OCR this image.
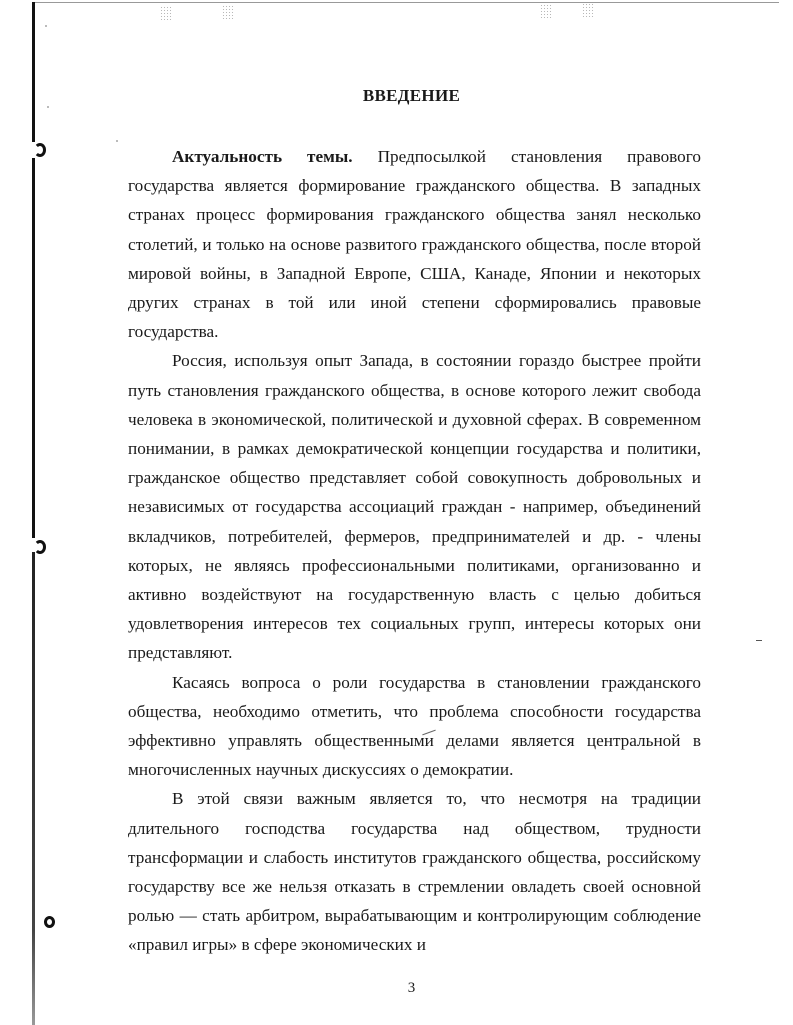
ВВЕДЕНИЕ

Актуальность темы. Предпосылкой становления правового государства является формирование гражданского общества. В западных странах процесс формирования гражданского общества занял несколько столетий, и только на основе развитого гражданского общества, после второй мировой войны, в Западной Европе, США, Канаде, Японии и некоторых других странах в той или иной степени сформировались правовые государства.

Россия, используя опыт Запада, в состоянии гораздо быстрее пройти путь становления гражданского общества, в основе которого лежит свобода человека в экономической, политической и духовной сферах. В современном понимании, в рамках демократической концепции государства и политики, гражданское общество представляет собой совокупность добровольных и независимых от государства ассоциаций граждан - например, объединений вкладчиков, потребителей, фермеров, предпринимателей и др. - члены которых, не являясь профессиональными политиками, организованно и активно воздействуют на государственную власть с целью добиться удовлетворения интересов тех социальных групп, интересы которых они представляют.

Касаясь вопроса о роли государства в становлении гражданского общества, необходимо отметить, что проблема способности государства эффективно управлять общественными делами является центральной в многочисленных научных дискуссиях о демократии.

В этой связи важным является то, что несмотря на традиции длительного господства государства над обществом, трудности трансформации и слабость институтов гражданского общества, российскому государству все же нельзя отказать в стремлении овладеть своей основной ролью — стать арбитром, вырабатывающим и контролирующим соблюдение «правил игры» в сфере экономических и

3
